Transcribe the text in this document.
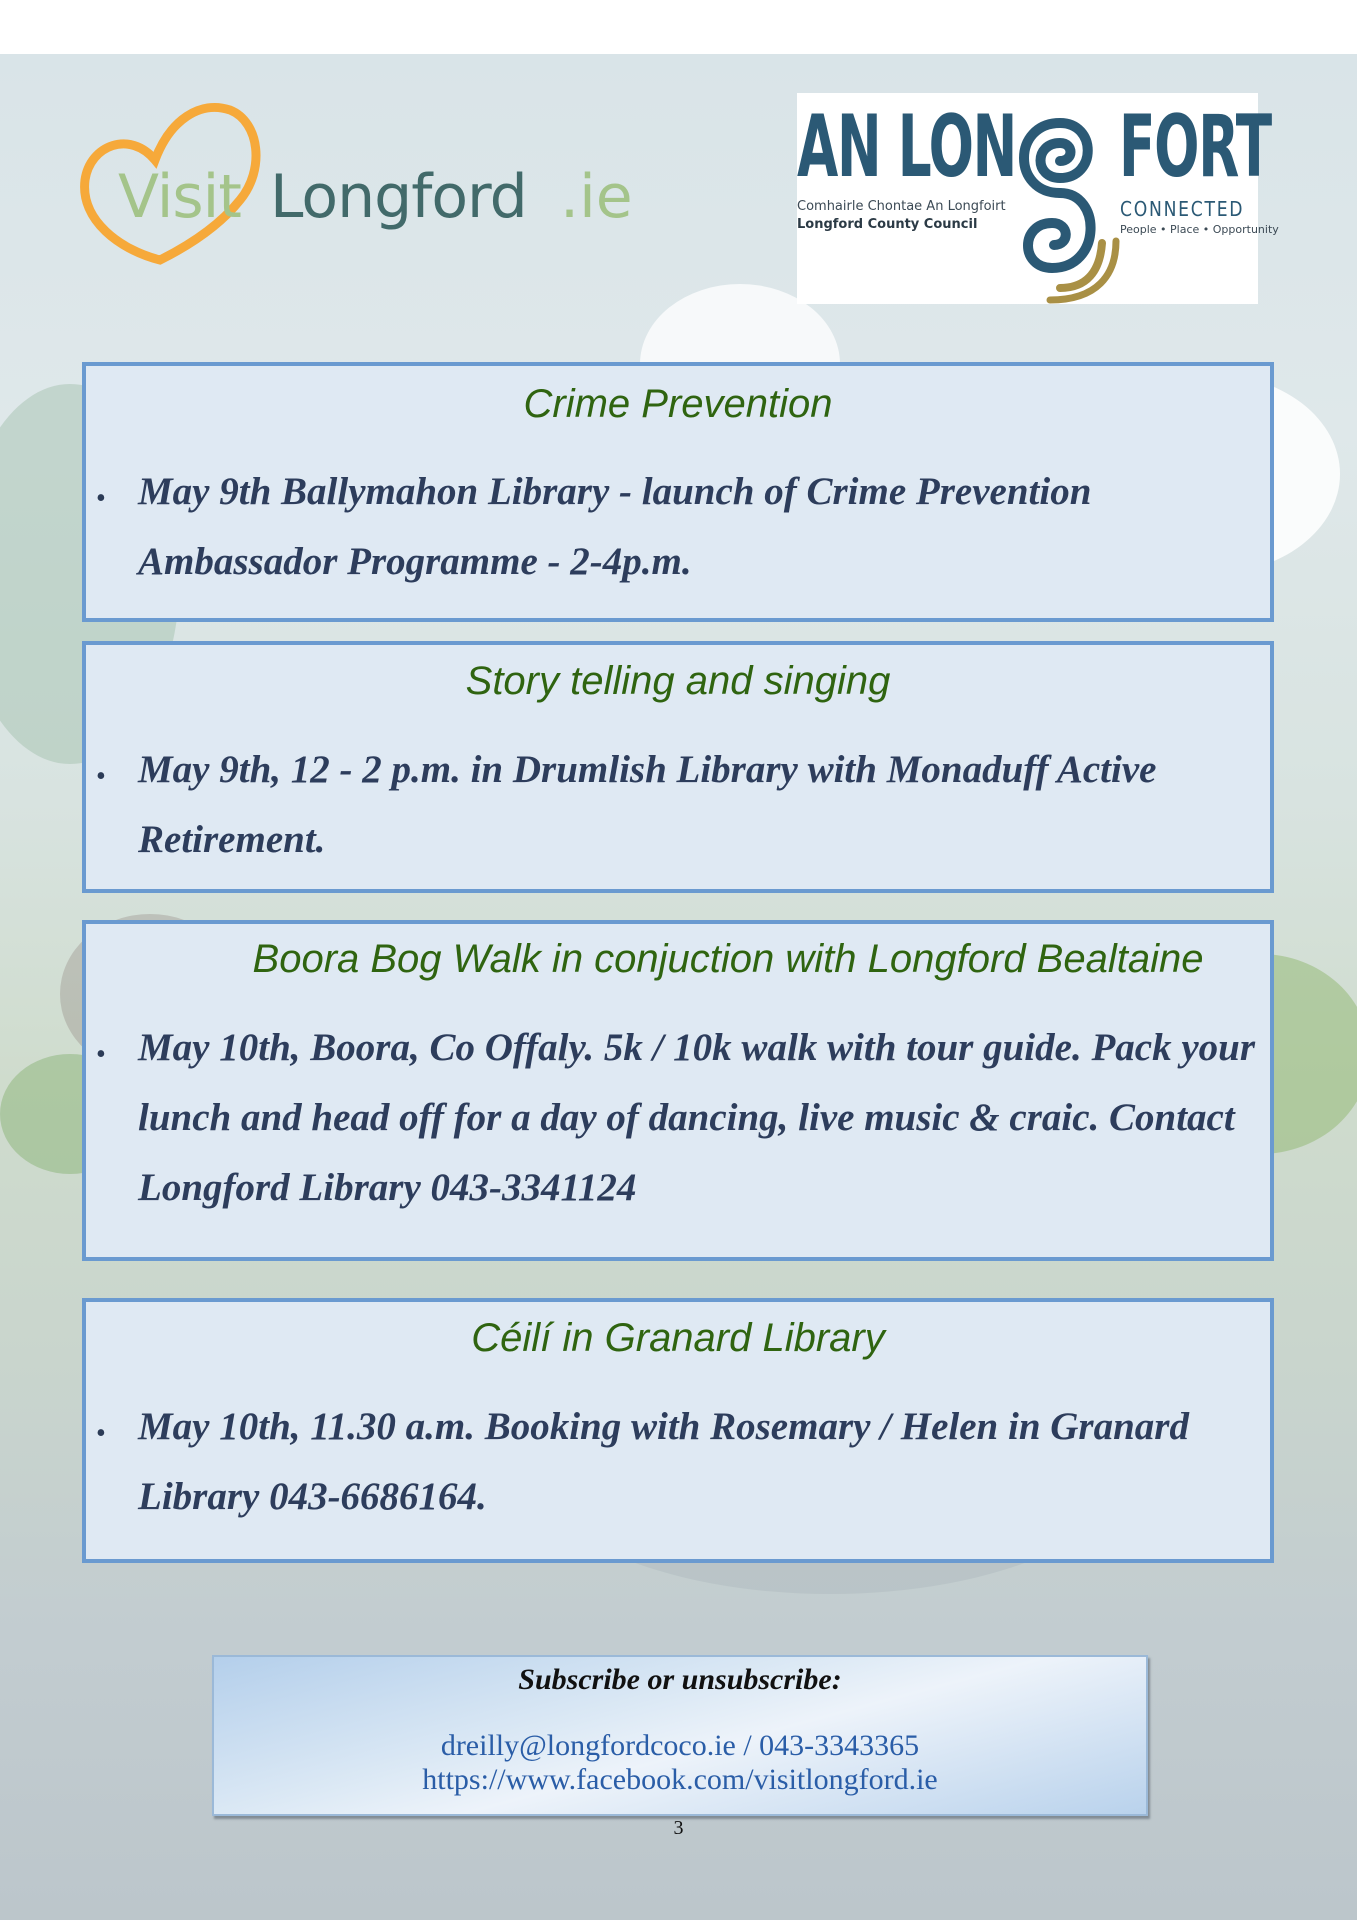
Visit Longford .ie AN LON FORT
Comhairle Chontae An Longfoirt
Longford County Council
CONNECTED
People • Place • Opportunity
Crime Prevention
• May 9th Ballymahon Library - launch of Crime Prevention Ambassador Programme - 2-4p.m.

Story telling and singing
• May 9th, 12 - 2 p.m. in Drumlish Library with Monaduff Active Retirement.

Boora Bog Walk in conjuction with Longford Bealtaine
• May 10th, Boora, Co Offaly. 5k / 10k walk with tour guide. Pack your lunch and head off for a day of dancing, live music & craic. Contact Longford Library 043-3341124

Céilí in Granard Library
• May 10th, 11.30 a.m. Booking with Rosemary / Helen in Granard Library 043-6686164.

Subscribe or unsubscribe:
dreilly@longfordcoco.ie / 043-3343365
https://www.facebook.com/visitlongford.ie
3
